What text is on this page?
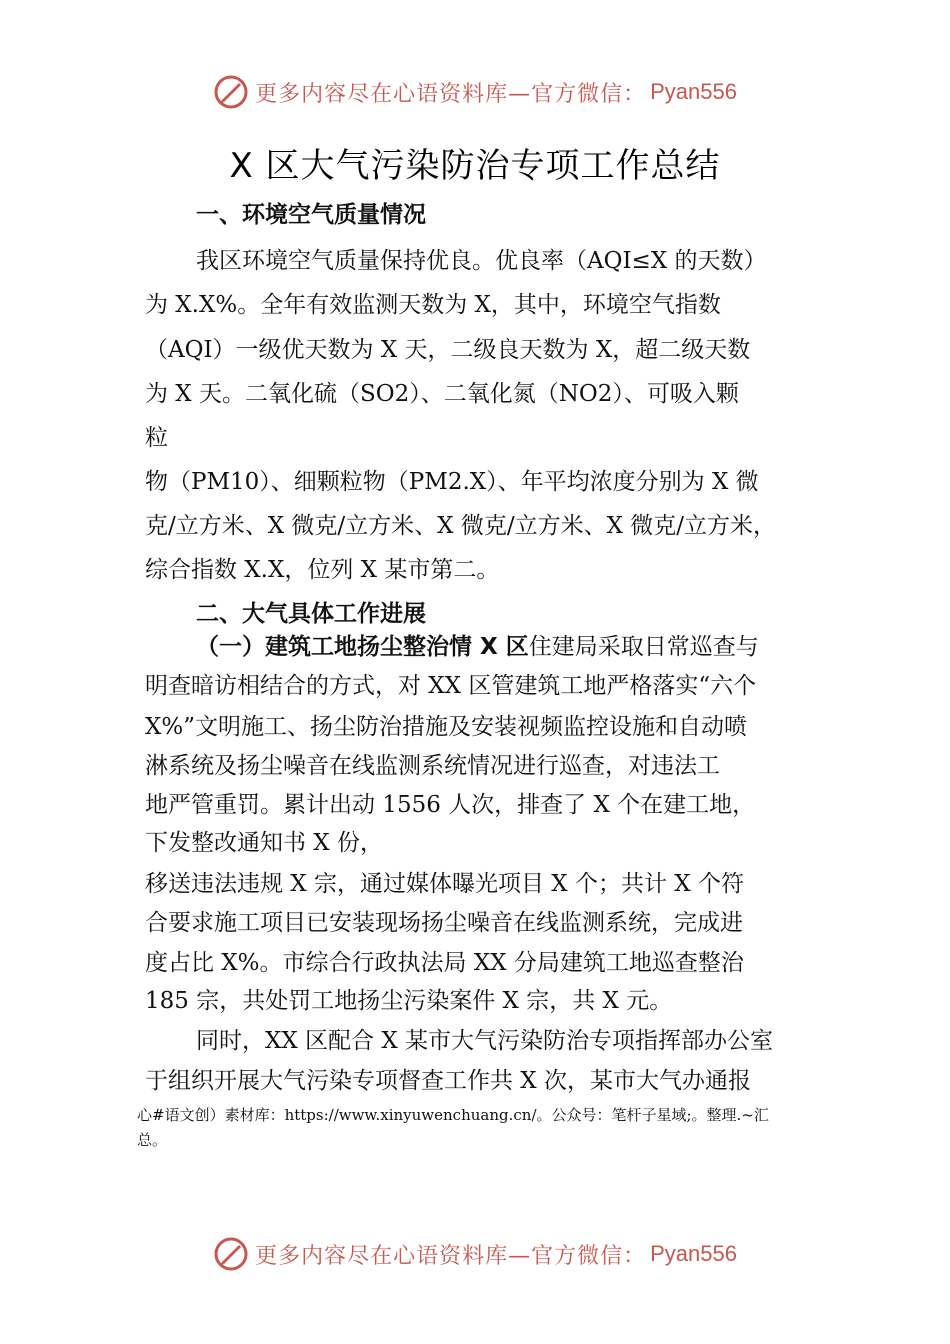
更多内容尽在心语资料库—官方微信： Pyan556
X 区大气污染防治专项工作总结
一、环境空气质量情况
我区环境空气质量保持优良。优良率（AQI≤X 的天数）
为 X.X%。全年有效监测天数为 X，其中，环境空气指数
（AQI）一级优天数为 X 天，二级良天数为 X，超二级天数
为 X 天。二氧化硫（SO2）、二氧化氮（NO2）、可吸入颗
粒
物（PM10）、细颗粒物（PM2.X）、年平均浓度分别为 X 微
克/立方米、X 微克/立方米、X 微克/立方米、X 微克/立方米，
综合指数 X.X，位列 X 某市第二。
二、大气具体工作进展
（一）建筑工地扬尘整治情 X 区住建局采取日常巡查与
明查暗访相结合的方式，对 XX 区管建筑工地严格落实“六个
X%”文明施工、扬尘防治措施及安装视频监控设施和自动喷
淋系统及扬尘噪音在线监测系统情况进行巡查，对违法工
地严管重罚。累计出动 1556 人次，排查了 X 个在建工地，
下发整改通知书 X 份，
移送违法违规 X 宗，通过媒体曝光项目 X 个；共计 X 个符
合要求施工项目已安装现场扬尘噪音在线监测系统，完成进
度占比 X%。市综合行政执法局 XX 分局建筑工地巡查整治
185 宗，共处罚工地扬尘污染案件 X 宗，共 X 元。
同时，XX 区配合 X 某市大气污染防治专项指挥部办公室
于组织开展大气污染专项督查工作共 X 次，某市大气办通报
心#语文创）素材库：https://www.xinyuwenchuang.cn/。公众号：笔杆子星域;。整理.~汇
总。
更多内容尽在心语资料库—官方微信： Pyan556
